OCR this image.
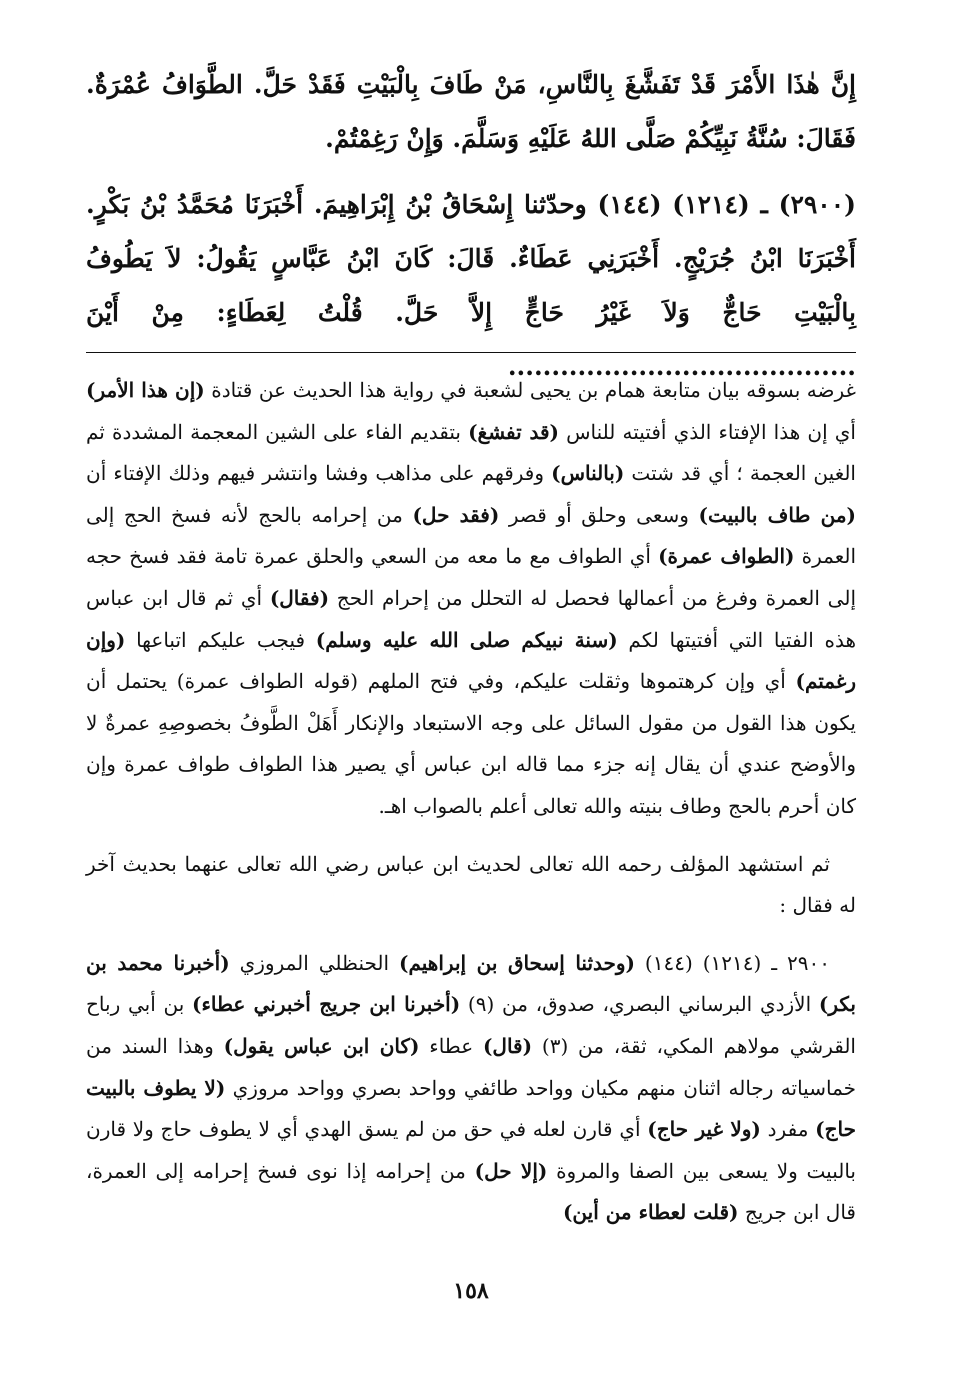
إِنَّ هٰذَا الأَمْرَ قَدْ تَفَشَّغَ بِالنَّاسِ، مَنْ طَافَ بِالْبَيْتِ فَقَدْ حَلَّ. الطَّوَافُ عُمْرَةٌ. فَقَالَ: سُنَّةُ نَبِيِّكُمْ صَلَّى اللهُ عَلَيْهِ وَسَلَّمَ. وَإِنْ رَغِمْتُمْ.

(٢٩٠٠) ـ (١٢١٤) (١٤٤) وحدّثنا إِسْحَاقُ بْنُ إِبْرَاهِيمَ. أَخْبَرَنَا مُحَمَّدُ بْنُ بَكْرٍ. أَخْبَرَنَا ابْنُ جُرَيْجٍ. أَخْبَرَنِي عَطَاءٌ. قَالَ: كَانَ ابْنُ عَبَّاسٍ يَقُولُ: لاَ يَطُوفُ بِالْبَيْتِ حَاجٌّ وَلاَ غَيْرُ حَاجٍّ إِلاَّ حَلَّ. قُلْتُ لِعَطَاءٍ: مِنْ أَيْنَ ........................................

غرضه بسوقه بيان متابعة همام بن يحيى لشعبة في رواية هذا الحديث عن قتادة (إن هذا الأمر) أي إن هذا الإفتاء الذي أفتيته للناس (قد تفشغ) بتقديم الفاء على الشين المعجمة المشددة ثم الغين العجمة ؛ أي قد شتت (بالناس) وفرقهم على مذاهب وفشا وانتشر فيهم وذلك الإفتاء أن (من طاف بالبيت) وسعى وحلق أو قصر (فقد حل) من إحرامه بالحج لأنه فسخ الحج إلى العمرة (الطواف عمرة) أي الطواف مع ما معه من السعي والحلق عمرة تامة فقد فسخ حجه إلى العمرة وفرغ من أعمالها فحصل له التحلل من إحرام الحج (فقال) أي ثم قال ابن عباس هذه الفتيا التي أفتيتها لكم (سنة نبيكم صلى الله عليه وسلم) فيجب عليكم اتباعها (وإن رغمتم) أي وإن كرهتموها وثقلت عليكم، وفي فتح الملهم (قوله الطواف عمرة) يحتمل أن يكون هذا القول من مقول السائل على وجه الاستبعاد والإنكار أَهَلْ الطَّوفُ بخصوصِهِ عمرةٌ لا والأوضح عندي أن يقال إنه جزء مما قاله ابن عباس أي يصير هذا الطواف طواف عمرة وإن كان أحرم بالحج وطاف بنيته والله تعالى أعلم بالصواب اهـ.

ثم استشهد المؤلف رحمه الله تعالى لحديث ابن عباس رضي الله تعالى عنهما بحديث آخر له فقال :

٢٩٠٠ ـ (١٢١٤) (١٤٤) (وحدثنا إسحاق بن إبراهيم) الحنظلي المروزي (أخبرنا محمد بن بكر) الأزدي البرساني البصري، صدوق، من (٩) (أخبرنا ابن جريج أخبرني عطاء) بن أبي رباح القرشي مولاهم المكي، ثقة، من (٣) (قال) عطاء (كان ابن عباس يقول) وهذا السند من خماسياته رجاله اثنان منهم مكيان وواحد طائفي وواحد بصري وواحد مروزي (لا يطوف بالبيت حاج) مفرد (ولا غير حاج) أي قارن لعله في حق من لم يسق الهدي أي لا يطوف حاج ولا قارن بالبيت ولا يسعى بين الصفا والمروة (إلا حل) من إحرامه إذا نوى فسخ إحرامه إلى العمرة، قال ابن جريج (قلت لعطاء من أين)

١٥٨
